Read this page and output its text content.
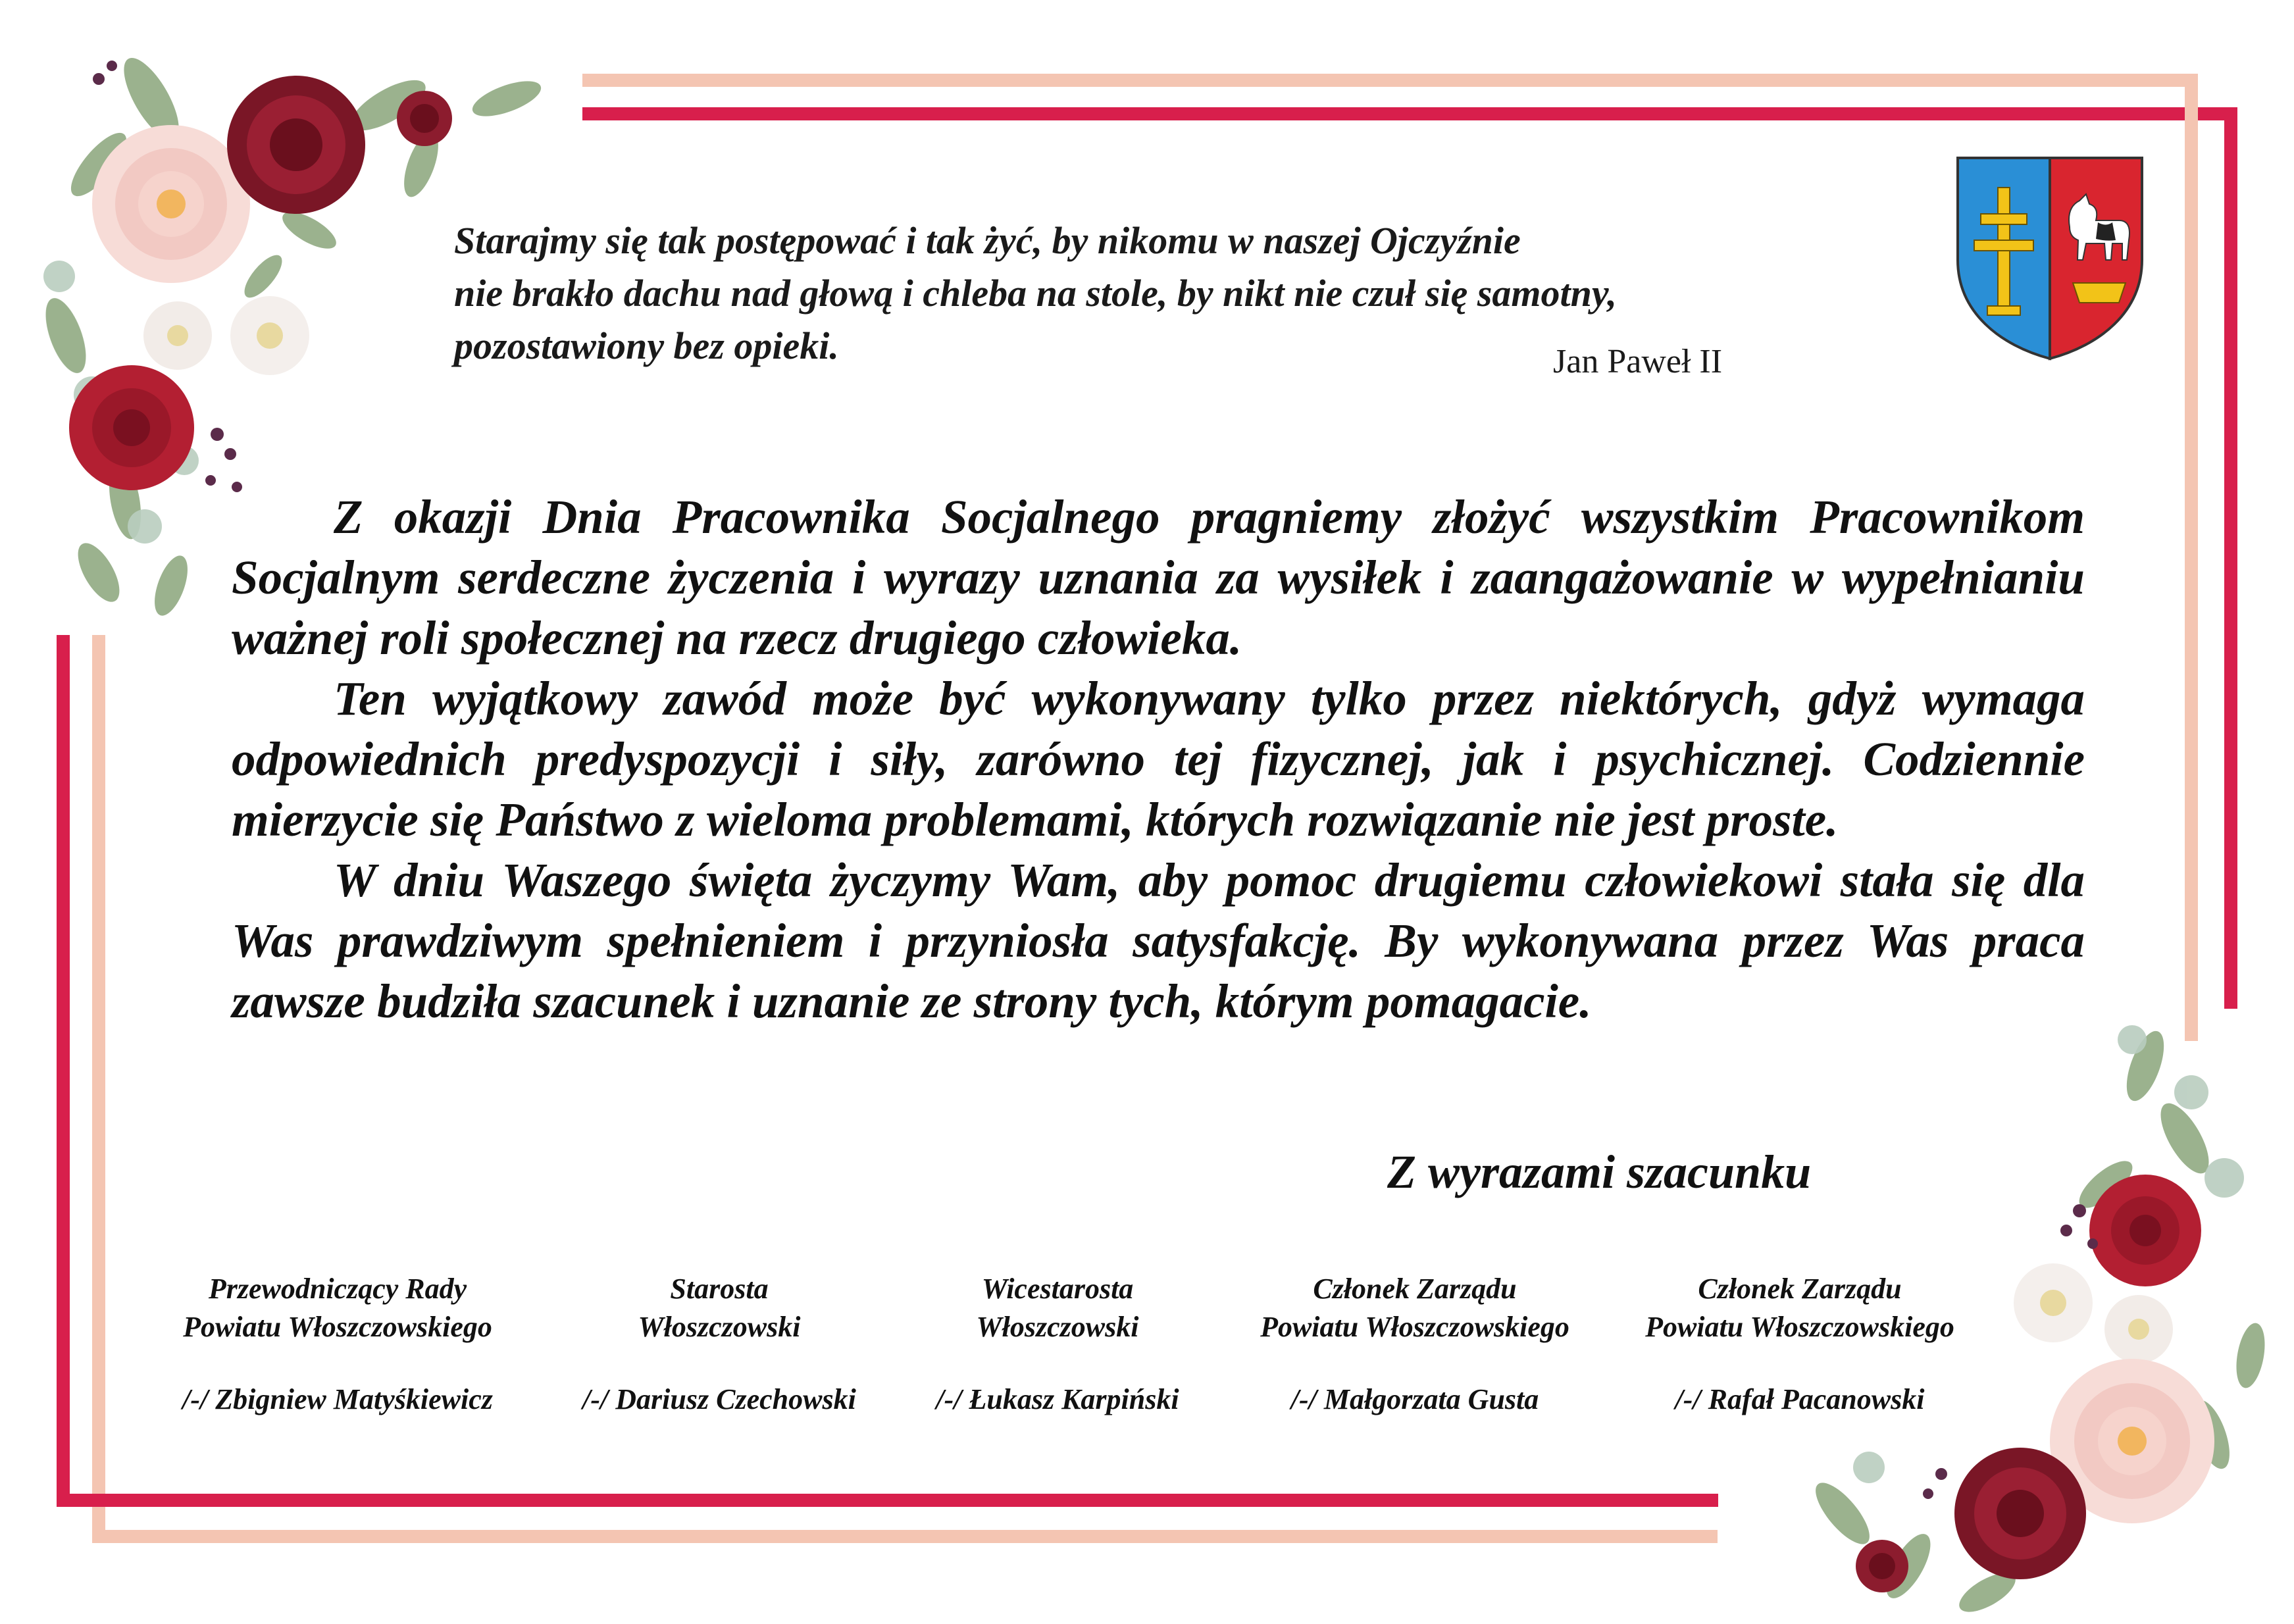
Starajmy się tak postępować i tak żyć, by nikomu w naszej Ojczyźnie
nie brakło dachu nad głową i chleba na stole, by nikt nie czuł się samotny,
pozostawiony bez opieki.	Jan Paweł II

Z okazji Dnia Pracownika Socjalnego pragniemy złożyć wszystkim Pracownikom Socjalnym serdeczne życzenia i wyrazy uznania za wysiłek i zaangażowanie w wypełnianiu ważnej roli społecznej na rzecz drugiego człowieka.

Ten wyjątkowy zawód może być wykonywany tylko przez niektórych, gdyż wymaga odpowiednich predyspozycji i siły, zarówno tej fizycznej, jak i psychicznej. Codziennie mierzycie się Państwo z wieloma problemami, których rozwiązanie nie jest proste.

W dniu Waszego święta życzymy Wam, aby pomoc drugiemu człowiekowi stała się dla Was prawdziwym spełnieniem i przyniosła satysfakcję. By wykonywana przez Was praca zawsze budziła szacunek i uznanie ze strony tych, którym pomagacie.

Z wyrazami szacunku
Przewodniczący Rady
Powiatu Włoszczowskiego
/-/ Zbigniew Matyśkiewicz
Starosta
Włoszczowski
/-/ Dariusz Czechowski
Wicestarosta
Włoszczowski
/-/ Łukasz Karpiński
Członek Zarządu
Powiatu Włoszczowskiego
/-/ Małgorzata Gusta
Członek Zarządu
Powiatu Włoszczowskiego
/-/ Rafał Pacanowski
